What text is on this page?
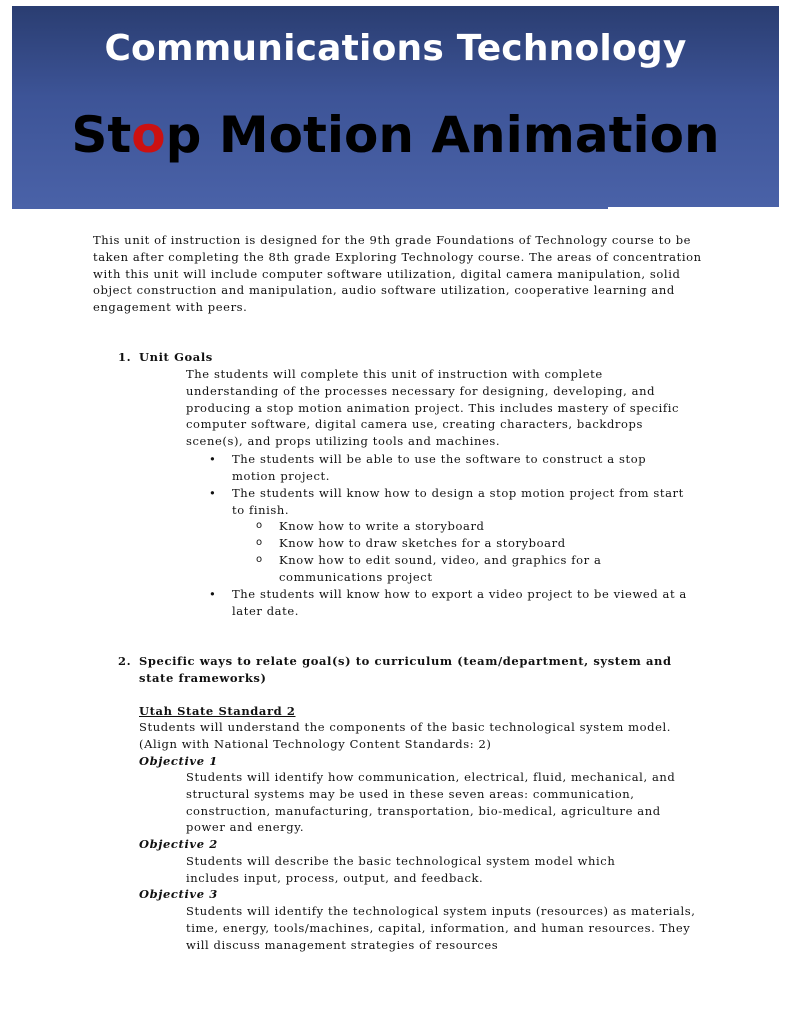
Communications Technology
Stop Motion Animation
This unit of instruction is designed for the 9th grade Foundations of Technology course to be taken after completing the 8th grade Exploring Technology course. The areas of concentration with this unit will include computer software utilization, digital camera manipulation, solid object construction and manipulation, audio software utilization, cooperative learning and engagement with peers.
1. Unit Goals
The students will complete this unit of instruction with complete understanding of the processes necessary for designing, developing, and producing a stop motion animation project. This includes mastery of specific computer software, digital camera use, creating characters, backdrops scene(s), and props utilizing tools and machines.
• The students will be able to use the software to construct a stop motion project.
• The students will know how to design a stop motion project from start to finish.
o Know how to write a storyboard
o Know how to draw sketches for a storyboard
o Know how to edit sound, video, and graphics for a communications project
• The students will know how to export a video project to be viewed at a later date.
2. Specific ways to relate goal(s) to curriculum (team/department, system and state frameworks)
Utah State Standard 2
Students will understand the components of the basic technological system model. (Align with National Technology Content Standards: 2)
Objective 1
Students will identify how communication, electrical, fluid, mechanical, and structural systems may be used in these seven areas: communication, construction, manufacturing, transportation, bio-medical, agriculture and power and energy.
Objective 2
Students will describe the basic technological system model which includes input, process, output, and feedback.
Objective 3
Students will identify the technological system inputs (resources) as materials, time, energy, tools/machines, capital, information, and human resources. They will discuss management strategies of resources
